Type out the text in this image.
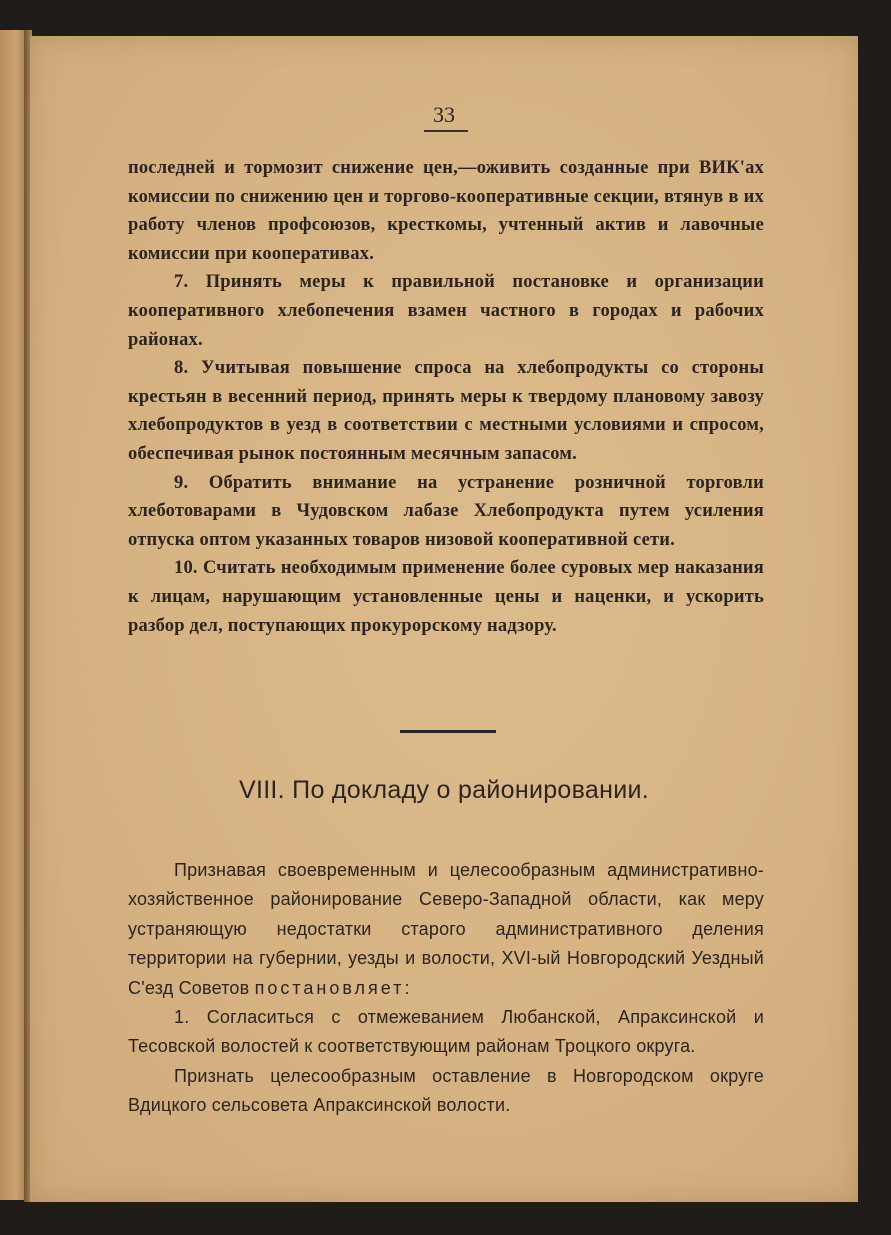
33

последней и тормозит снижение цен,—оживить созданные при ВИК'ах комиссии по снижению цен и торгово-кооперативные секции, втянув в их работу членов профсоюзов, кресткомы, учтенный актив и лавочные комиссии при кооперативах.

7. Принять меры к правильной постановке и организации кооперативного хлебопечения взамен частного в городах и рабочих районах.

8. Учитывая повышение спроса на хлебопродукты со стороны крестьян в весенний период, принять меры к твердому плановому завозу хлебопродуктов в уезд в соответствии с местными условиями и спросом, обеспечивая рынок постоянным месячным запасом.

9. Обратить внимание на устранение розничной торговли хлеботоварами в Чудовском лабазе Хлебопродукта путем усиления отпуска оптом указанных товаров низовой кооперативной сети.

10. Считать необходимым применение более суровых мер наказания к лицам, нарушающим установленные цены и наценки, и ускорить разбор дел, поступающих прокурорскому надзору.

VIII. По докладу о районировании.

Признавая своевременным и целесообразным административно-хозяйственное районирование Северо-Западной области, как меру устраняющую недостатки старого административного деления территории на губернии, уезды и волости, XVI-ый Новгородский Уездный С'езд Советов постановляет:

1. Согласиться с отмежеванием Любанской, Апраксинской и Тесовской волостей к соответствующим районам Троцкого округа.

Признать целесообразным оставление в Новгородском округе Вдицкого сельсовета Апраксинской волости.
